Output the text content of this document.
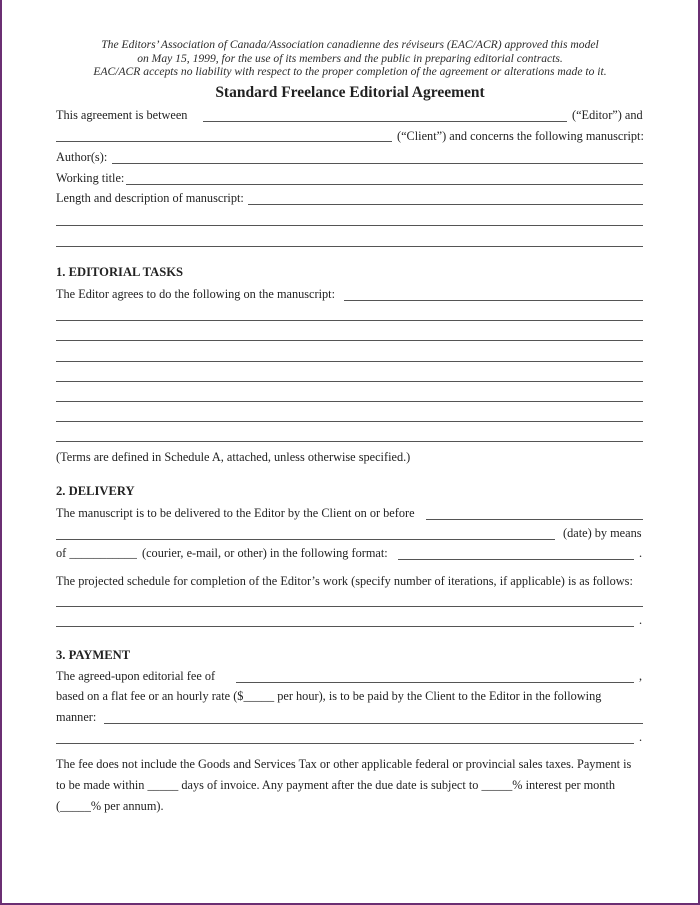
The Editors’ Association of Canada/Association canadienne des réviseurs (EAC/ACR) approved this model
on May 15, 1999, for the use of its members and the public in preparing editorial contracts.
EAC/ACR accepts no liability with respect to the proper completion of the agreement or alterations made to it.
Standard Freelance Editorial Agreement
This agreement is between	(“Editor”) and
(“Client”) and concerns the following manuscript:
Author(s):
Working title:
Length and description of manuscript:
1. EDITORIAL TASKS
The Editor agrees to do the following on the manuscript:
(Terms are defined in Schedule A, attached, unless otherwise specified.)
2. DELIVERY
The manuscript is to be delivered to the Editor by the Client on or before
(date) by means
of ___________ (courier, e-mail, or other) in the following format:	.
The projected schedule for completion of the Editor’s work (specify number of iterations, if applicable) is as follows:
.
3. PAYMENT
The agreed-upon editorial fee of	,
based on a flat fee or an hourly rate ($_____ per hour), is to be paid by the Client to the Editor in the following
manner:
.
The fee does not include the Goods and Services Tax or other applicable federal or provincial sales taxes. Payment is
to be made within _____ days of invoice. Any payment after the due date is subject to _____% interest per month
(_____% per annum).
